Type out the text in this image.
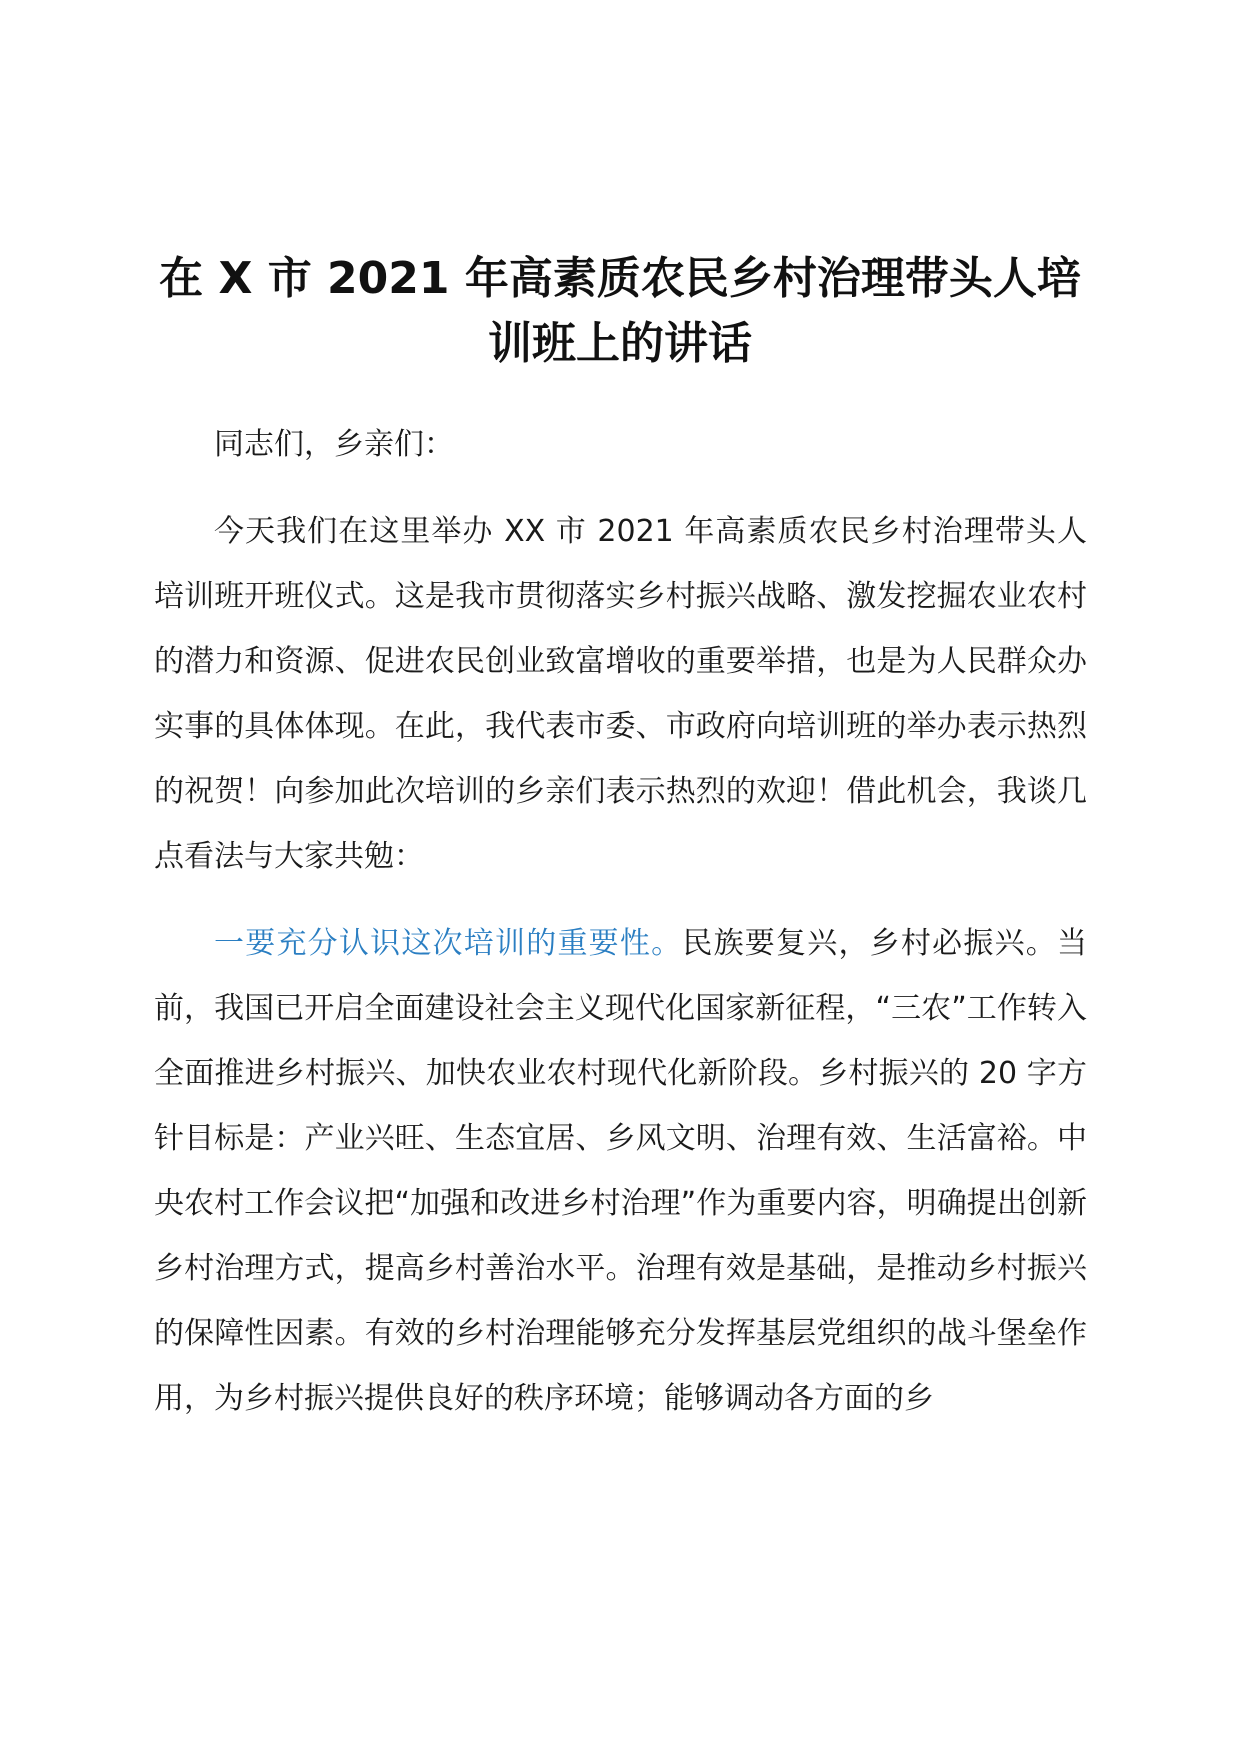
在 X 市 2021 年高素质农民乡村治理带头人培训班上的讲话

同志们，乡亲们：

今天我们在这里举办 XX 市 2021 年高素质农民乡村治理带头人培训班开班仪式。这是我市贯彻落实乡村振兴战略、激发挖掘农业农村的潜力和资源、促进农民创业致富增收的重要举措，也是为人民群众办实事的具体体现。在此，我代表市委、市政府向培训班的举办表示热烈的祝贺！向参加此次培训的乡亲们表示热烈的欢迎！借此机会，我谈几点看法与大家共勉：

一要充分认识这次培训的重要性。民族要复兴，乡村必振兴。当前，我国已开启全面建设社会主义现代化国家新征程，“三农”工作转入全面推进乡村振兴、加快农业农村现代化新阶段。乡村振兴的 20 字方针目标是：产业兴旺、生态宜居、乡风文明、治理有效、生活富裕。中央农村工作会议把“加强和改进乡村治理”作为重要内容，明确提出创新乡村治理方式，提高乡村善治水平。治理有效是基础，是推动乡村振兴的保障性因素。有效的乡村治理能够充分发挥基层党组织的战斗堡垒作用，为乡村振兴提供良好的秩序环境；能够调动各方面的乡
